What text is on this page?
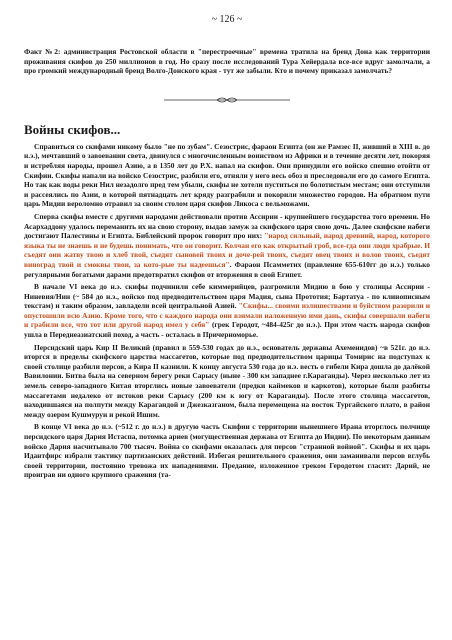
~ 126 ~

Факт №2: администрация Ростовской области в "перестроечные" времена тратила на бренд Дона как территории проживания скифов до 250 миллионов в год. Но сразу после исследований Тура Хейердала все-все вдруг замолчали, а про громкий международный бренд Волго-Донского края - тут же забыли. Кто и почему приказал замолчать?

Войны скифов...

Справиться со скифами никому было "не по зубам". Сезострис, фараон Египта (он же Рамзес II, живший в XIII в. до н.э.), мечтавший о завоевании света, двинулся с многочисленным воинством из Африки и в течение десяти лет, покоряя и истребляя народы, прошел Азию, а в 1350 лет до Р.Х. напал на скифов. Они принудили его войско спешно отойти от Скифии. Скифы напали на войско Сезострис, разбили его, отняли у него весь обоз и преследовали его до самого Египта. Но так как воды реки Нил незадолго пред тем убыли, скифы не хотели пуститься по болотистым местам; они отступили и рассеялись по Азии, в которой пятнадцать лет кряду разграбили и покорили множество городов. На обратном пути царь Мидии вероломно отравил за своим столом царя скифов Ликоса с вельможами.

Сперва скифы вместе с другими народами действовали против Ассирии - крупнейшего государства того времени. Но Асархаддону удалось переманить их на свою сторону, выдав замуж за скифского царя свою дочь. Далее скифские набеги достигают Палестины и Египта. Библейский пророк говорит про них: "народ сильный, народ древний, народ, которого языка ты не знаешь и не будешь понимать, что он говорит. Колчан его как открытый гроб, все-гда они люди храбрые. И съедят они жатву твою и хлеб твой, съедят сыновей твоих и доче-рей твоих, съедят овец твоих и волов твоих, съедят виноград твой и смоквы твои, за кото-рые ты надеешься". Фараон Псамметих (правление 655-610гг до н.э.) только регулярными богатыми дарами предотвратил скифов от вторжения в свой Египет.

В начале VI века до н.э. скифы подчинили себе киммерийцев, разгромили Мидию в бою у столицы Ассирии - Ниневия/Нин (~ 584 до н.э., войско под предводительством царя Мадия, сына Прототия; Бартатуа - по клинописным текстам) и таким образом, завладели всей центральной Азией. "Скифы... своими излишествами и буйством разорили и опустошили всю Азию. Кроме того, что с каждого народа они взимали наложенную ими дань, скифы совершали набеги и грабили все, что тот или другой народ имел у себя" (грек Геродот, ~484-425г до н.э.). При этом часть народа скифов ушла в Переднеазиатский поход, а часть - осталась в Причерноморье.

Персидский царь Кир II Великий (правил в 559-530 годах до н.э., основатель державы Ахеменидов) ~в 521г. до н.э. вторгся в пределы скифского царства массагетов, которые под предводительством царицы Томирис на подступах к своей столице разбили персов, а Кира II казнили. К концу августа 530 года до н.э. весть о гибели Кира дошла до далёкой Вавилонии. Битва была на северном берегу реки Сарысу (ныне - 300 км западнее г.Караганды). Через несколько лет из земель северо-западного Китая вторглись новые завоеватели (предки каймеков и каркотов), которые были разбиты массагетами недалеко от истоков реки Сарысу (200 км к югу от Караганды). После этого столица массагетов, находившаяся на полпути между Карагандой и Джезказганом, была перемещена на восток Тургайского плато, в район между озером Кушмурун и рекой Ишим.

В конце VI века до н.э. (~512 г. до н.э.) в другую часть Скифии с территории нынешнего Ирана вторглось полчище персидского царя Дария Истаспа, потомка ариев (могущественная держава от Египта до Индии). По некоторым данным войско Дария насчитывало 700 тысяч. Война со скифами оказалась для персов "странной войной". Скифы и их царь Идантфирс избрали тактику партизанских действий. Избегая решительного сражения, они заманивали персов вглубь своей территории, постоянно тревожа их нападениями. Предание, изложенное греком Геродотом гласит: Дарий, не проиграв ни одного крупного сражения (та-
